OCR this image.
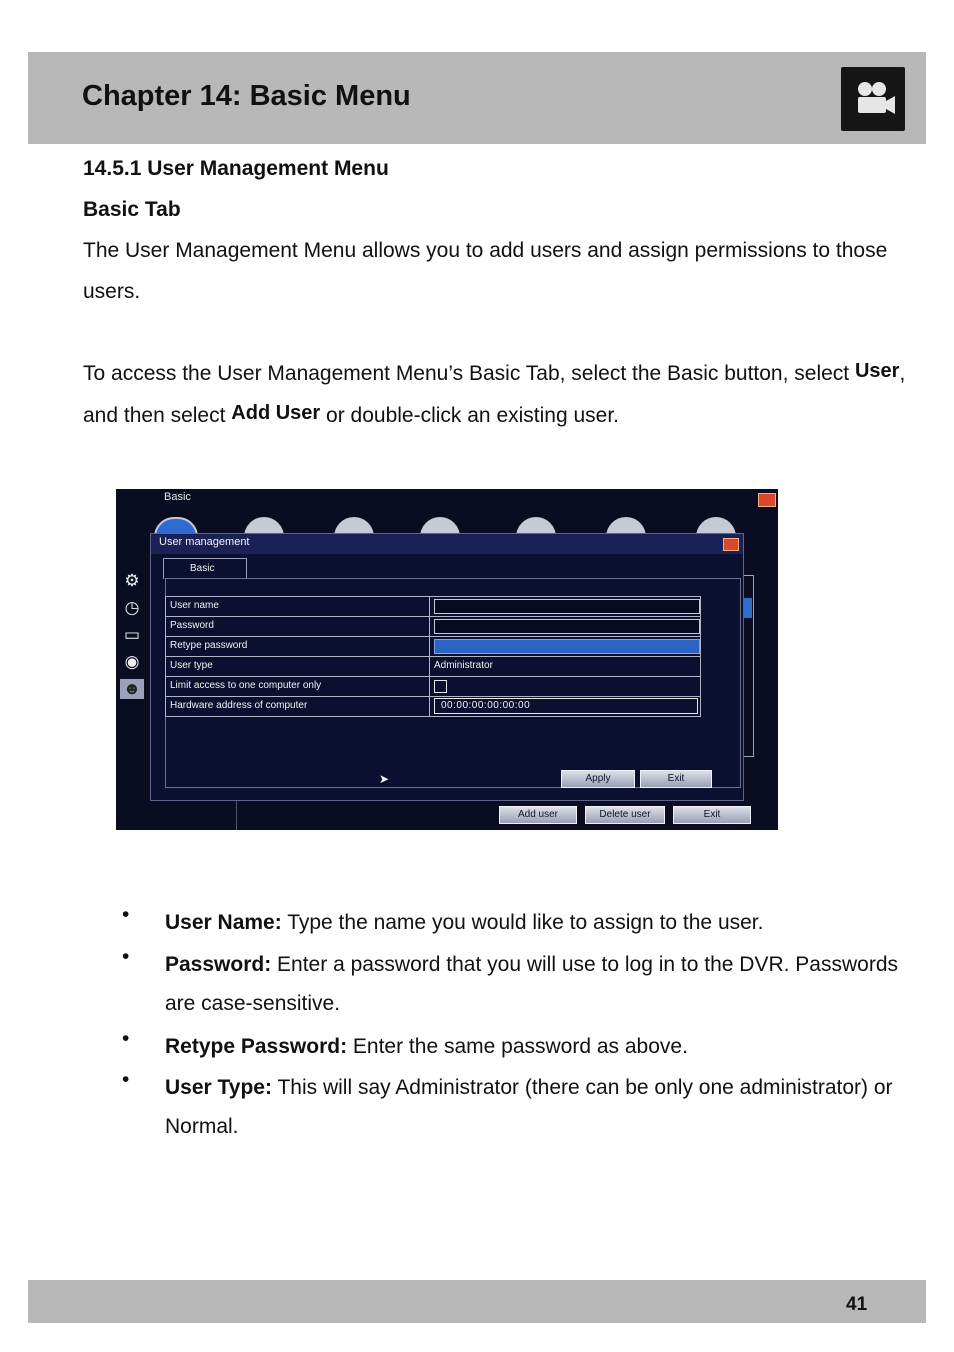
Chapter 14: Basic Menu
14.5.1 User Management Menu
Basic Tab

The User Management Menu allows you to add users and assign permissions to those users.

To access the User Management Menu’s Basic Tab, select the Basic button, select User, and then select Add User or double-click an existing user.

Basic
⚙
◷
▭
◉
☻
User management
Basic
User name
Password
Retype password
User type	Administrator
Limit access to one computer only
Hardware address of computer	00:00:00:00:00:00
➤	Apply	Exit
Add user	Delete user	Exit
• User Name: Type the name you would like to assign to the user.

• Password: Enter a password that you will use to log in to the DVR. Passwords are case-sensitive.

• Retype Password: Enter the same password as above.

• User Type: This will say Administrator (there can be only one administrator) or Normal.

41
